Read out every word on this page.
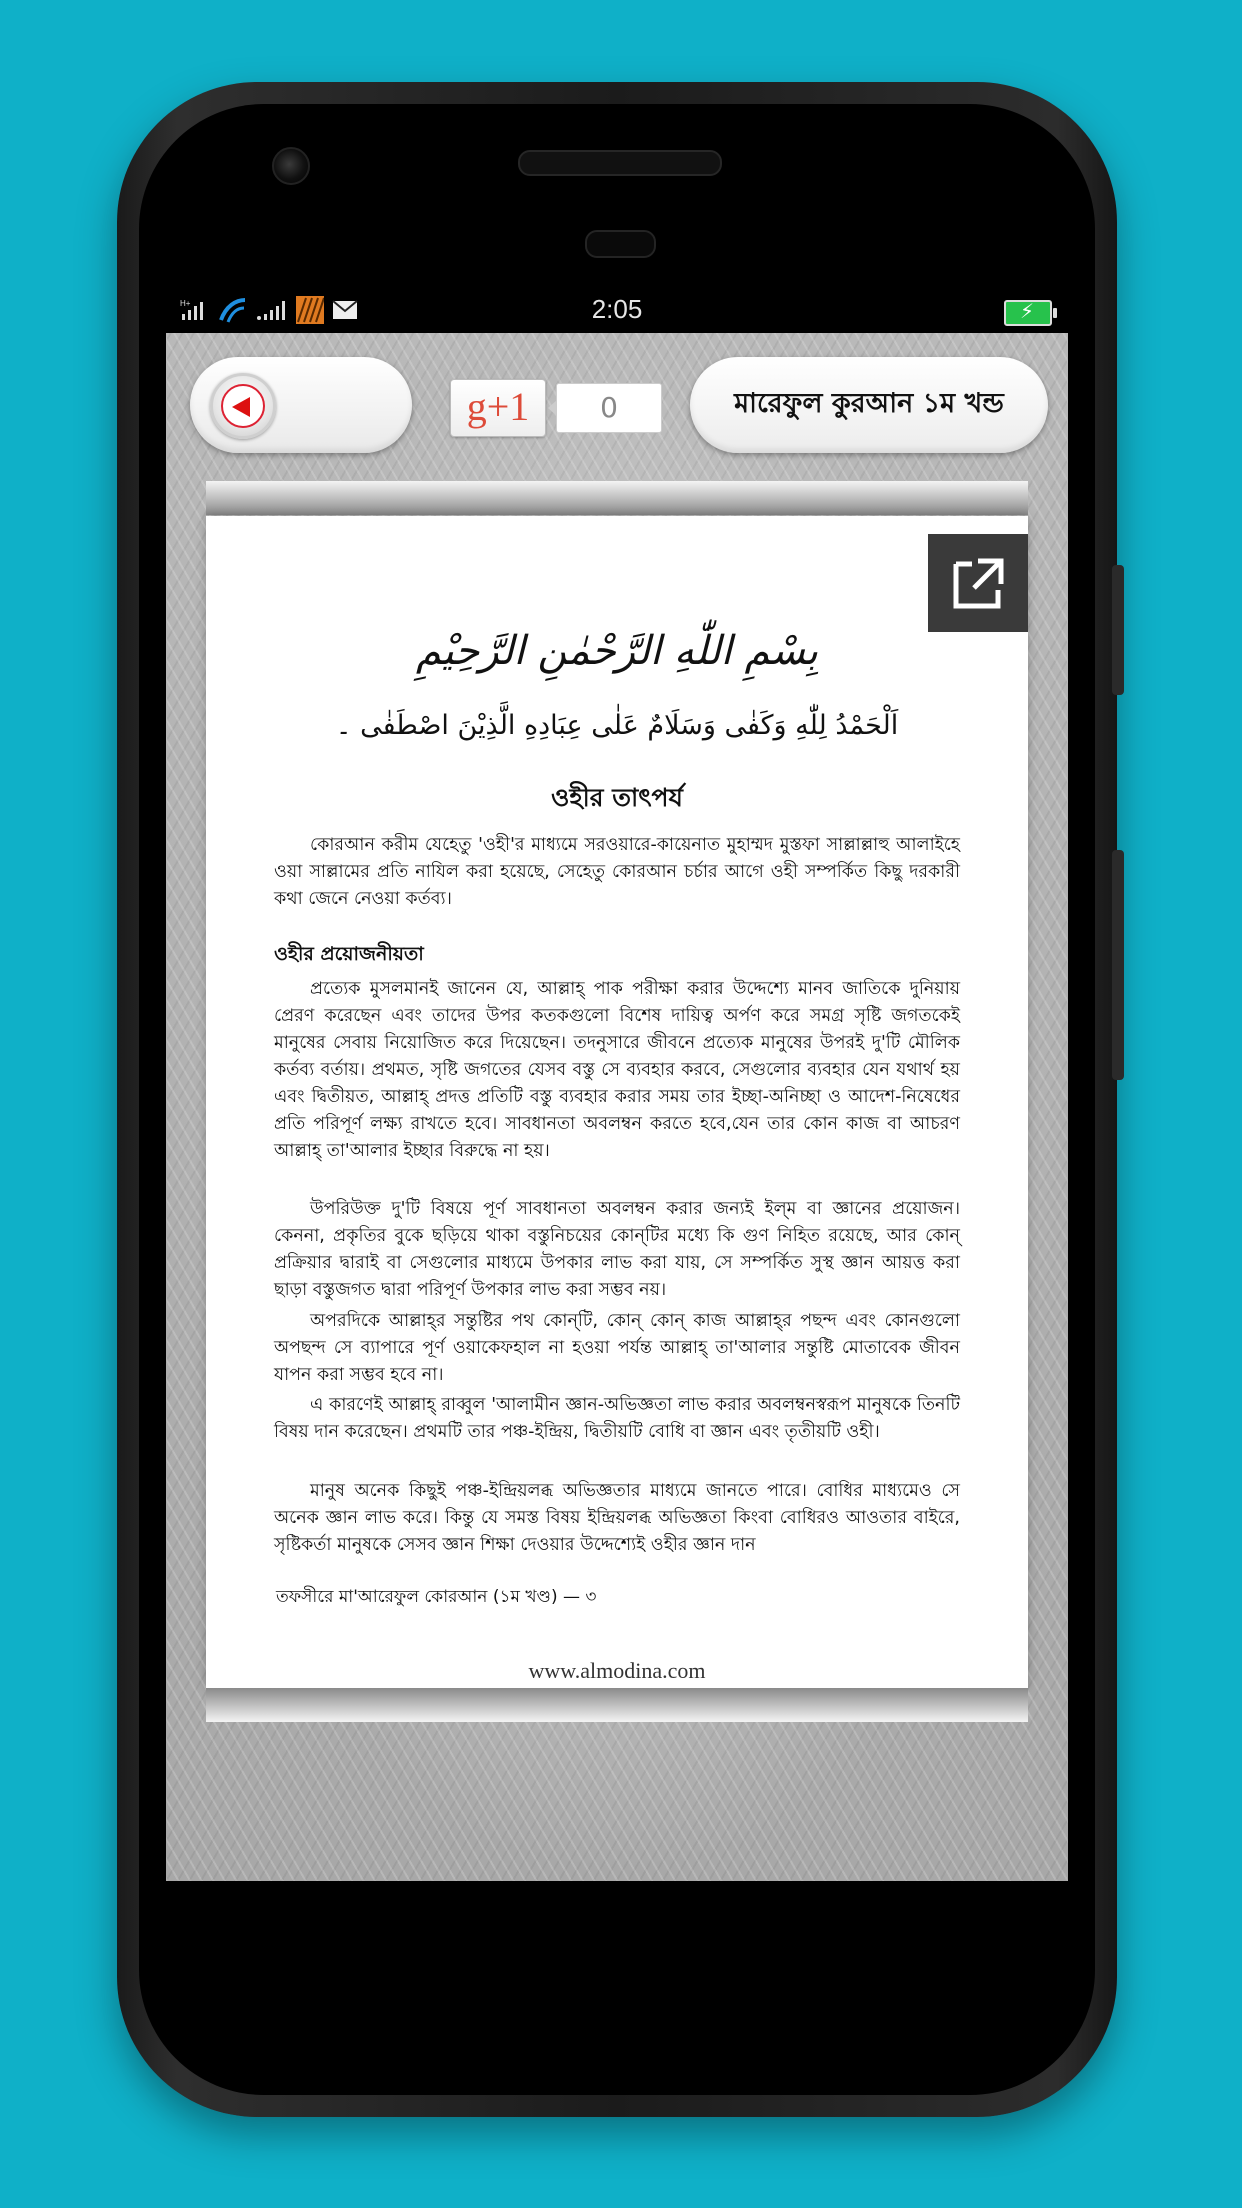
H+	2:05	⚡
g+1	0	মারেফুল কুরআন ১ম খন্ড
بِسْمِ اللّٰهِ الرَّحْمٰنِ الرَّحِيْمِ
اَلْحَمْدُ لِلّٰهِ وَكَفٰى وَسَلَامٌ عَلٰى عِبَادِهِ الَّذِيْنَ اصْطَفٰى ۔
ওহীর তাৎপর্য
কোরআন করীম যেহেতু 'ওহী'র মাধ্যমে সরওয়ারে-কায়েনাত মুহাম্মদ মুস্তফা সাল্লাল্লাহু আলাইহে ওয়া সাল্লামের প্রতি নাযিল করা হয়েছে, সেহেতু কোরআন চর্চার আগে ওহী সম্পর্কিত কিছু দরকারী কথা জেনে নেওয়া কর্তব্য।
ওহীর প্রয়োজনীয়তা
প্রত্যেক মুসলমানই জানেন যে, আল্লাহ্‌ পাক পরীক্ষা করার উদ্দেশ্যে মানব জাতিকে দুনিয়ায় প্রেরণ করেছেন এবং তাদের উপর কতকগুলো বিশেষ দায়িত্ব অর্পণ করে সমগ্র সৃষ্টি জগতকেই মানুষের সেবায় নিয়োজিত করে দিয়েছেন। তদনুসারে জীবনে প্রত্যেক মানুষের উপরই দু'টি মৌলিক কর্তব্য বর্তায়। প্রথমত, সৃষ্টি জগতের যেসব বস্তু সে ব্যবহার করবে, সেগুলোর ব্যবহার যেন যথার্থ হয় এবং দ্বিতীয়ত, আল্লাহ্‌ প্রদত্ত প্রতিটি বস্তু ব্যবহার করার সময় তার ইচ্ছা-অনিচ্ছা ও আদেশ-নিষেধের প্রতি পরিপূর্ণ লক্ষ্য রাখতে হবে। সাবধানতা অবলম্বন করতে হবে,যেন তার কোন কাজ বা আচরণ আল্লাহ্‌ তা'আলার ইচ্ছার বিরুদ্ধে না হয়।
উপরিউক্ত দু'টি বিষয়ে পূর্ণ সাবধানতা অবলম্বন করার জন্যই ইল্‌ম বা জ্ঞানের প্রয়োজন। কেননা, প্রকৃতির বুকে ছড়িয়ে থাকা বস্তুনিচয়ের কোন্‌টির মধ্যে কি গুণ নিহিত রয়েছে, আর কোন্‌ প্রক্রিয়ার দ্বারাই বা সেগুলোর মাধ্যমে উপকার লাভ করা যায়, সে সম্পর্কিত সুস্থ জ্ঞান আয়ত্ত করা ছাড়া বস্তুজগত দ্বারা পরিপূর্ণ উপকার লাভ করা সম্ভব নয়।
অপরদিকে আল্লাহ্‌র সন্তুষ্টির পথ কোন্‌টি, কোন্‌ কোন্‌ কাজ আল্লাহ্‌র পছন্দ এবং কোনগুলো অপছন্দ সে ব্যাপারে পূর্ণ ওয়াকেফহাল না হওয়া পর্যন্ত আল্লাহ্‌ তা'আলার সন্তুষ্টি মোতাবেক জীবন যাপন করা সম্ভব হবে না।
এ কারণেই আল্লাহ্‌ রাব্বুল 'আলামীন জ্ঞান-অভিজ্ঞতা লাভ করার অবলম্বনস্বরূপ মানুষকে তিনটি বিষয় দান করেছেন। প্রথমটি তার পঞ্চ-ইন্দ্রিয়, দ্বিতীয়টি বোধি বা জ্ঞান এবং তৃতীয়টি ওহী।
মানুষ অনেক কিছুই পঞ্চ-ইন্দ্রিয়লব্ধ অভিজ্ঞতার মাধ্যমে জানতে পারে। বোধির মাধ্যমেও সে অনেক জ্ঞান লাভ করে। কিন্তু যে সমস্ত বিষয় ইন্দ্রিয়লব্ধ অভিজ্ঞতা কিংবা বোধিরও আওতার বাইরে, সৃষ্টিকর্তা মানুষকে সেসব জ্ঞান শিক্ষা দেওয়ার উদ্দেশ্যেই ওহীর জ্ঞান দান
তফসীরে মা'আরেফুল কোরআন (১ম খণ্ড) — ৩
www.almodina.com
